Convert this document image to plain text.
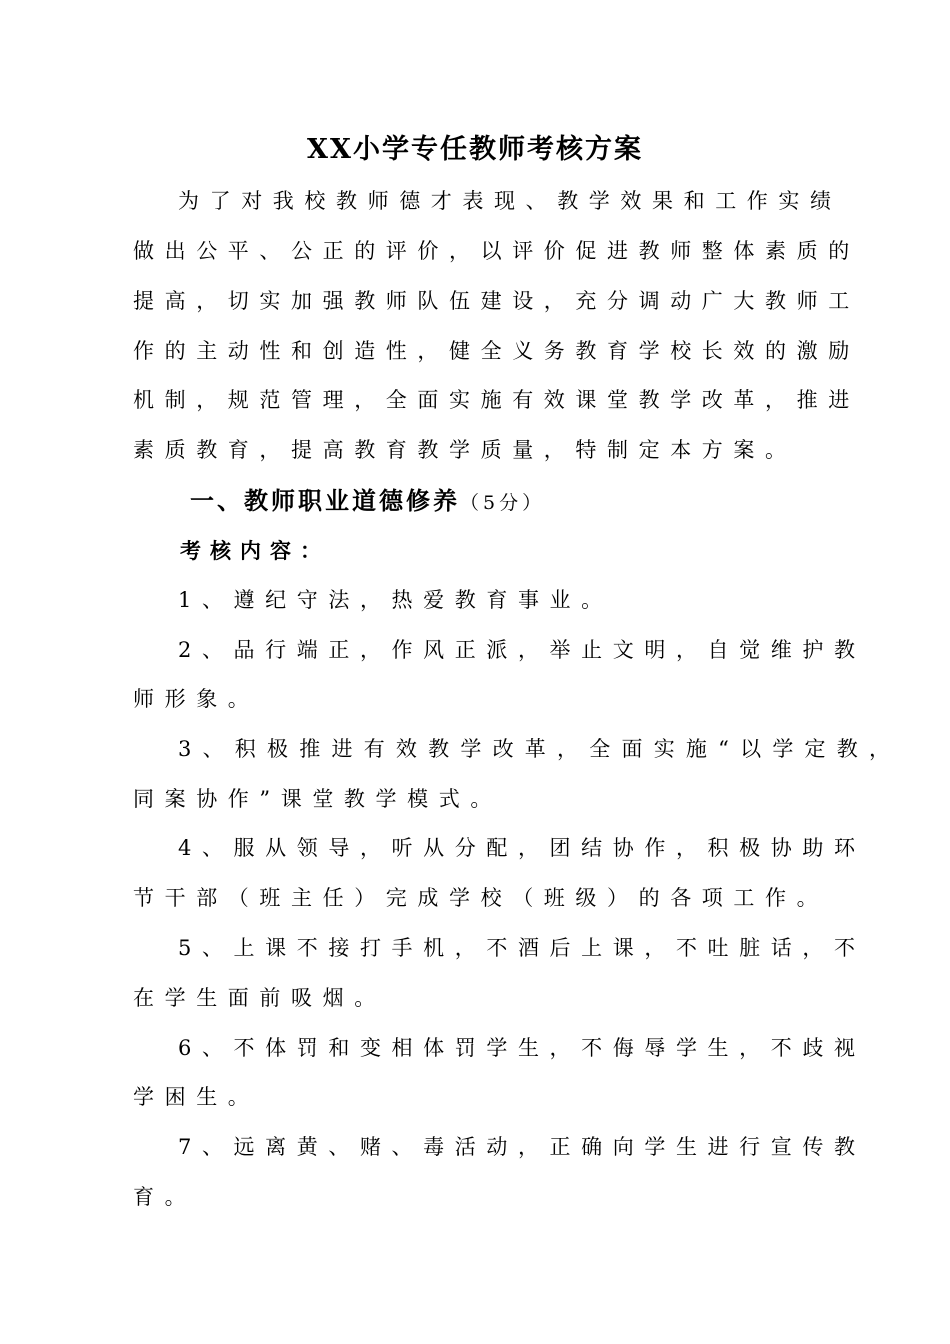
XX小学专任教师考核方案
为了对我校教师德才表现、教学效果和工作实绩
做出公平、公正的评价，以评价促进教师整体素质的
提高，切实加强教师队伍建设，充分调动广大教师工
作的主动性和创造性，健全义务教育学校长效的激励
机制，规范管理，全面实施有效课堂教学改革，推进
素质教育，提高教育教学质量，特制定本方案。
一、教师职业道德修养（5分）
考核内容：
1、遵纪守法，热爱教育事业。
2、品行端正，作风正派，举止文明，自觉维护教
师形象。
3、积极推进有效教学改革，全面实施“以学定教，
同案协作”课堂教学模式。
4、服从领导，听从分配，团结协作，积极协助环
节干部（班主任）完成学校（班级）的各项工作。
5、上课不接打手机，不酒后上课，不吐脏话，不
在学生面前吸烟。
6、不体罚和变相体罚学生，不侮辱学生，不歧视
学困生。
7、远离黄、赌、毒活动，正确向学生进行宣传教
育。
